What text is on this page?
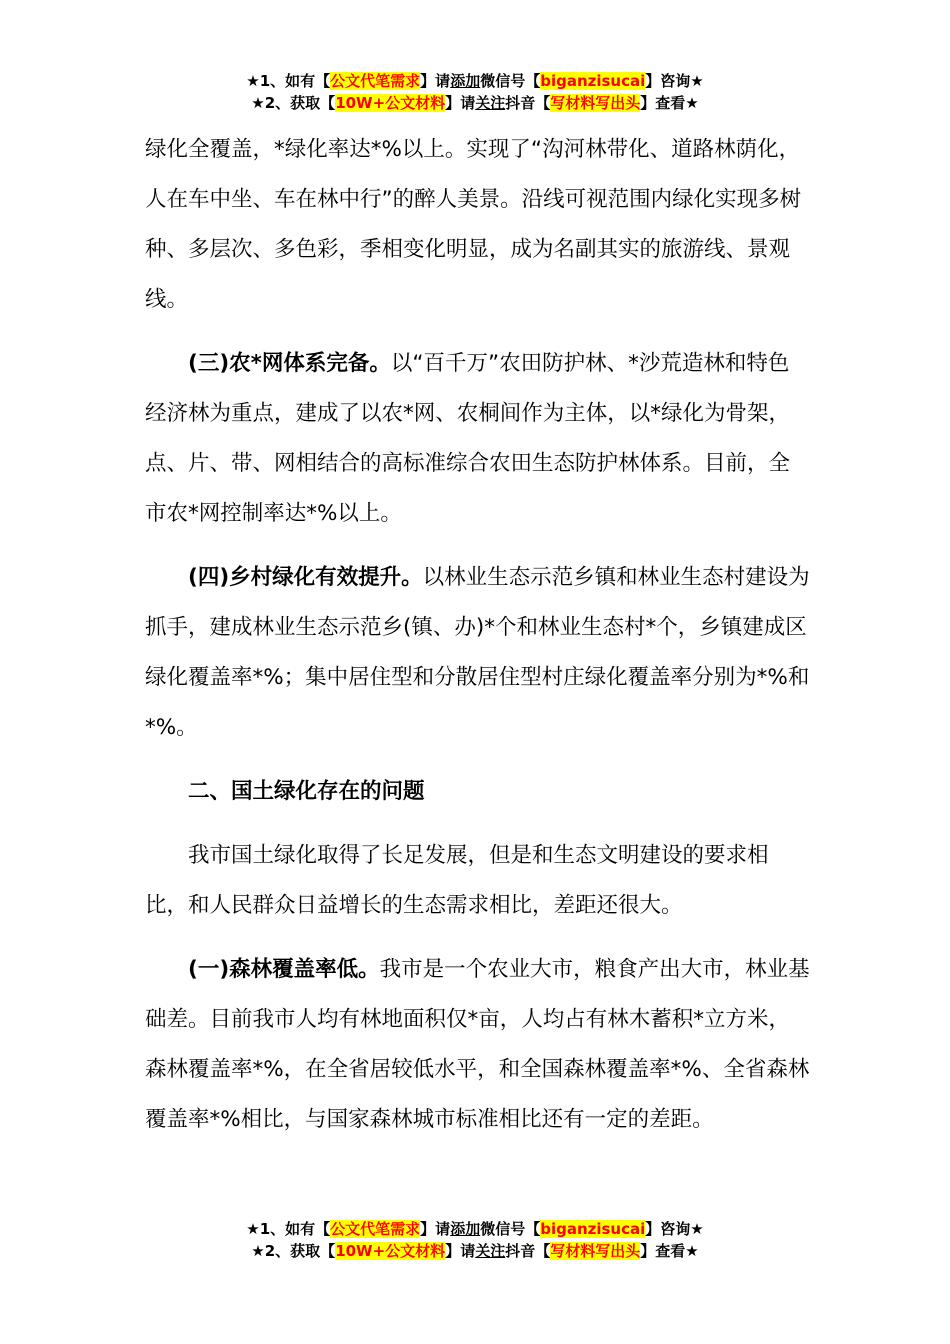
★1、如有【公文代笔需求】请添加微信号【biganzisucai】咨询★
★2、获取【10W+公文材料】请关注抖音【写材料写出头】查看★

绿化全覆盖，*绿化率达*%以上。实现了“沟河林带化、道路林荫化，人在车中坐、车在林中行”的醉人美景。沿线可视范围内绿化实现多树种、多层次、多色彩，季相变化明显，成为名副其实的旅游线、景观线。

(三)农*网体系完备。以“百千万”农田防护林、*沙荒造林和特色经济林为重点，建成了以农*网、农桐间作为主体，以*绿化为骨架，点、片、带、网相结合的高标准综合农田生态防护林体系。目前，全市农*网控制率达*%以上。

(四)乡村绿化有效提升。以林业生态示范乡镇和林业生态村建设为抓手，建成林业生态示范乡(镇、办)*个和林业生态村*个，乡镇建成区绿化覆盖率*%；集中居住型和分散居住型村庄绿化覆盖率分别为*%和*%。

二、国土绿化存在的问题

我市国土绿化取得了长足发展，但是和生态文明建设的要求相比，和人民群众日益增长的生态需求相比，差距还很大。

(一)森林覆盖率低。我市是一个农业大市，粮食产出大市，林业基础差。目前我市人均有林地面积仅*亩，人均占有林木蓄积*立方米，森林覆盖率*%，在全省居较低水平，和全国森林覆盖率*%、全省森林覆盖率*%相比，与国家森林城市标准相比还有一定的差距。

★1、如有【公文代笔需求】请添加微信号【biganzisucai】咨询★
★2、获取【10W+公文材料】请关注抖音【写材料写出头】查看★
